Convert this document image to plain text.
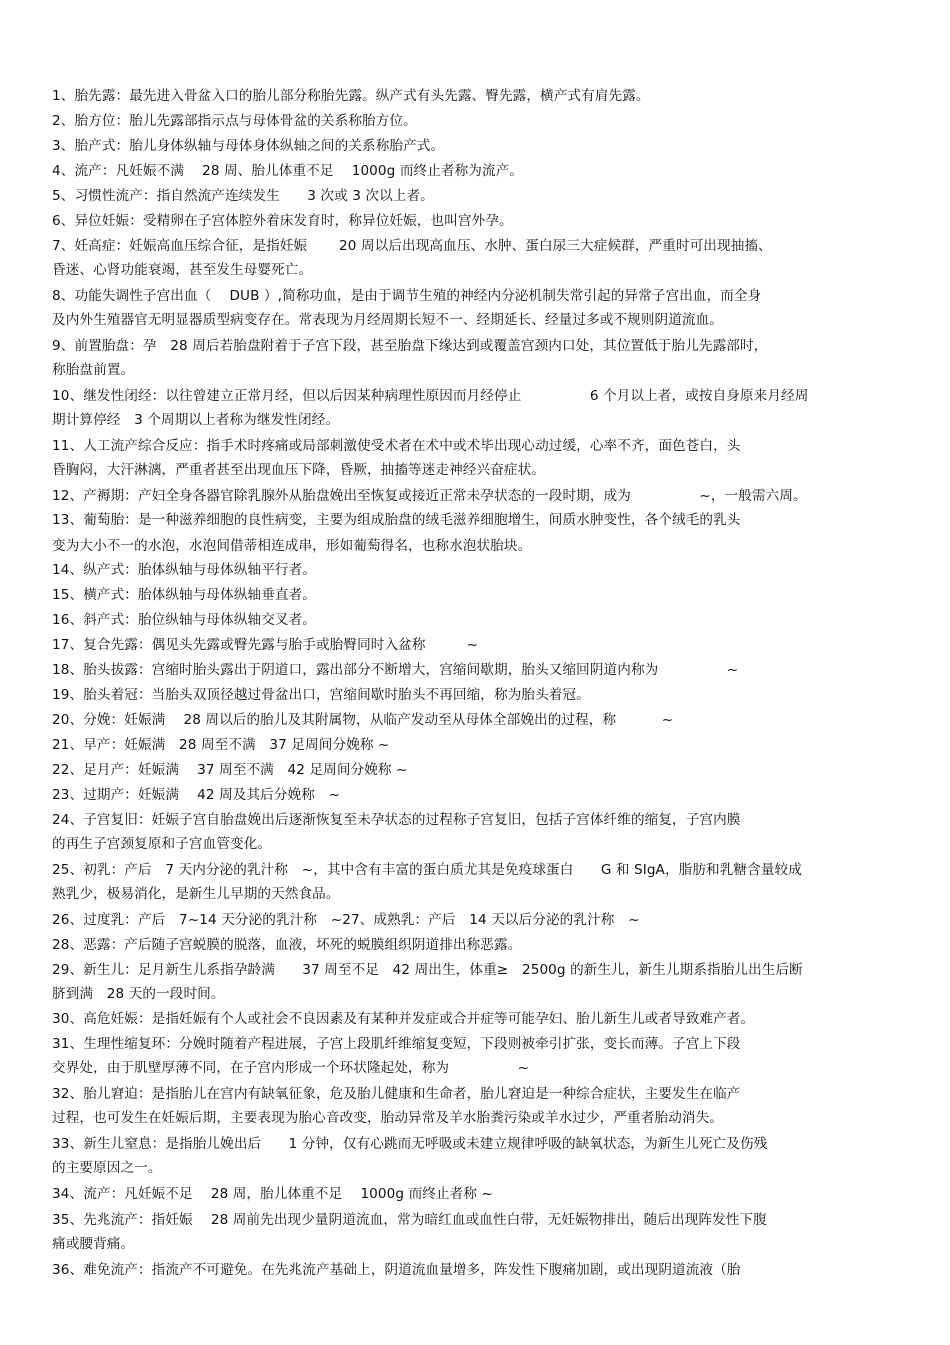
1、胎先露：最先进入骨盆入口的胎儿部分称胎先露。纵产式有头先露、臀先露，横产式有肩先露。
2、胎方位：胎儿先露部指示点与母体骨盆的关系称胎方位。
3、胎产式：胎儿身体纵轴与母体身体纵轴之间的关系称胎产式。
4、流产：凡妊娠不满　 28 周、胎儿体重不足　 1000g 而终止者称为流产。
5、习惯性流产：指自然流产连续发生　　3 次或 3 次以上者。
6、异位妊娠：受精卵在子宫体腔外着床发育时，称异位妊娠，也叫宫外孕。
7、妊高症：妊娠高血压综合征，是指妊娠　　 20 周以后出现高血压、水肿、蛋白尿三大症候群，严重时可出现抽搐、
昏迷、心肾功能衰竭，甚至发生母婴死亡。
8、功能失调性子宫出血（　 DUB ）,简称功血，是由于调节生殖的神经内分泌机制失常引起的异常子宫出血，而全身
及内外生殖器官无明显器质型病变存在。常表现为月经周期长短不一、经期延长、经量过多或不规则阴道流血。
9、前置胎盘：孕　28 周后若胎盘附着于子宫下段，甚至胎盘下缘达到或覆盖宫颈内口处，其位置低于胎儿先露部时，
称胎盘前置。
10、继发性闭经：以往曾建立正常月经，但以后因某种病理性原因而月经停止　　　　　6 个月以上者，或按自身原来月经周
期计算停经　3 个周期以上者称为继发性闭经。
11、人工流产综合反应：指手术时疼痛或局部刺激使受术者在术中或术毕出现心动过缓，心率不齐，面色苍白，头
昏胸闷，大汗淋漓，严重者甚至出现血压下降，昏厥，抽搐等迷走神经兴奋症状。
12、产褥期：产妇全身各器官除乳腺外从胎盘娩出至恢复或接近正常未孕状态的一段时期，成为　　　　　~，一般需六周。
13、葡萄胎：是一种滋养细胞的良性病变，主要为组成胎盘的绒毛滋养细胞增生，间质水肿变性，各个绒毛的乳头
变为大小不一的水泡，水泡间借蒂相连成串，形如葡萄得名，也称水泡状胎块。
14、纵产式：胎体纵轴与母体纵轴平行者。
15、横产式：胎体纵轴与母体纵轴垂直者。
16、斜产式：胎位纵轴与母体纵轴交叉者。
17、复合先露：偶见头先露或臀先露与胎手或胎臀同时入盆称　　　~
18、胎头拔露：宫缩时胎头露出于阴道口，露出部分不断增大，宫缩间歇期，胎头又缩回阴道内称为　　　　　~
19、胎头着冠：当胎头双顶径越过骨盆出口，宫缩间歇时胎头不再回缩，称为胎头着冠。
20、分娩：妊娠满　 28 周以后的胎儿及其附属物，从临产发动至从母体全部娩出的过程，称　　　 ~
21、早产：妊娠满　28 周至不满　37 足周间分娩称 ~
22、足月产：妊娠满　 37 周至不满　42 足周间分娩称 ~
23、过期产：妊娠满　 42 周及其后分娩称　~
24、子宫复旧：妊娠子宫自胎盘娩出后逐渐恢复至未孕状态的过程称子宫复旧，包括子宫体纤维的缩复，子宫内膜
的再生子宫颈复原和子宫血管变化。
25、初乳：产后　7 天内分泌的乳汁称　~，其中含有丰富的蛋白质尤其是免疫球蛋白　　G 和 SIgA，脂肪和乳糖含量较成
熟乳少，极易消化，是新生儿早期的天然食品。
26、过度乳：产后　7~14 天分泌的乳汁称　~27、成熟乳：产后　14 天以后分泌的乳汁称　~
28、恶露：产后随子宫蜕膜的脱落，血液，坏死的蜕膜组织阴道排出称恶露。
29、新生儿：足月新生儿系指孕龄满　　37 周至不足　42 周出生，体重≥　2500g 的新生儿，新生儿期系指胎儿出生后断
脐到满　28 天的一段时间。
30、高危妊娠：是指妊娠有个人或社会不良因素及有某种并发症或合并症等可能孕妇、胎儿新生儿或者导致难产者。
31、生理性缩复环：分娩时随着产程进展，子宫上段肌纤维缩复变短，下段则被牵引扩张，变长而薄。子宫上下段
交界处，由于肌壁厚薄不同，在子宫内形成一个环状隆起处，称为　　　　　~
32、胎儿窘迫：是指胎儿在宫内有缺氧征象，危及胎儿健康和生命者，胎儿窘迫是一种综合症状，主要发生在临产
过程，也可发生在妊娠后期，主要表现为胎心音改变，胎动异常及羊水胎粪污染或羊水过少，严重者胎动消失。
33、新生儿窒息：是指胎儿娩出后　　1 分钟，仅有心跳而无呼吸或未建立规律呼吸的缺氧状态，为新生儿死亡及伤残
的主要原因之一。
34、流产：凡妊娠不足　 28 周，胎儿体重不足　 1000g 而终止者称 ~
35、先兆流产：指妊娠　 28 周前先出现少量阴道流血，常为暗红血或血性白带，无妊娠物排出，随后出现阵发性下腹
痛或腰背痛。
36、难免流产：指流产不可避免。在先兆流产基础上，阴道流血量增多，阵发性下腹痛加剧，或出现阴道流液（胎
